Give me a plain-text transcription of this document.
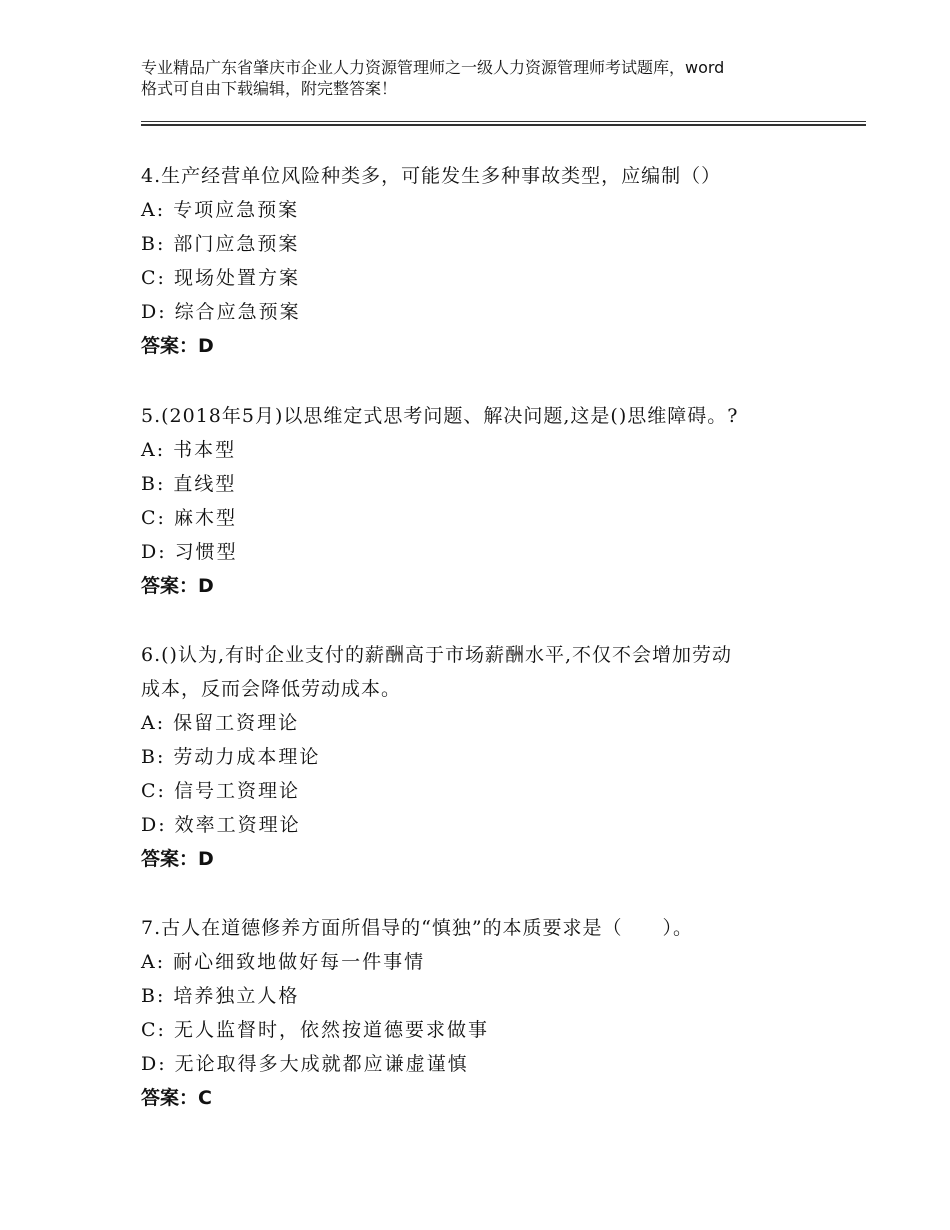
专业精品广东省肇庆市企业人力资源管理师之一级人力资源管理师考试题库，word
格式可自由下载编辑，附完整答案！
4.生产经营单位风险种类多，可能发生多种事故类型，应编制（）
A: 专项应急预案
B: 部门应急预案
C: 现场处置方案
D: 综合应急预案
答案：D
5.(2018年5月)以思维定式思考问题、解决问题,这是()思维障碍。?
A: 书本型
B: 直线型
C: 麻木型
D: 习惯型
答案：D
6.()认为,有时企业支付的薪酬高于市场薪酬水平,不仅不会增加劳动
成本，反而会降低劳动成本。
A: 保留工资理论
B: 劳动力成本理论
C: 信号工资理论
D: 效率工资理论
答案：D
7.古人在道德修养方面所倡导的“慎独”的本质要求是（　　）。
A: 耐心细致地做好每一件事情
B: 培养独立人格
C: 无人监督时，依然按道德要求做事
D: 无论取得多大成就都应谦虚谨慎
答案：C
